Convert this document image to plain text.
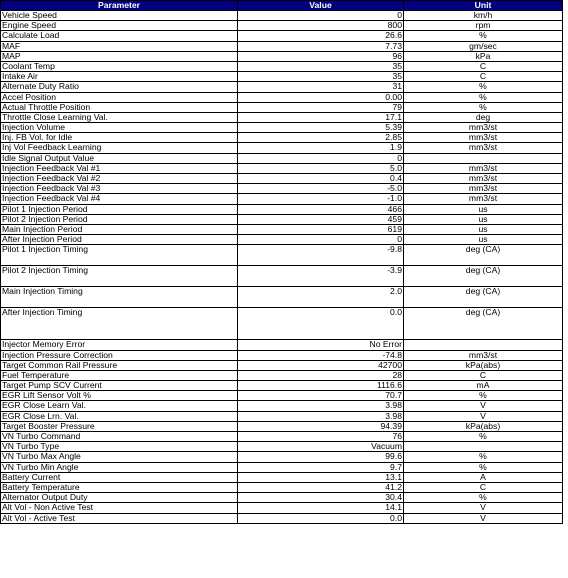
Parameter	Value	Unit
Vehicle Speed	0	km/h
Engine Speed	800	rpm
Calculate Load	26.6	%
MAF	7.73	gm/sec
MAP	96	kPa
Coolant Temp	35	C
Intake Air	35	C
Alternate Duty Ratio	31	%
Accel Position	0.00	%
Actual Throttle Position	79	%
Throttle Close Learning Val.	17.1	deg
Injection Volume	5.39	mm3/st
Inj. FB Vol. for Idle	2.85	mm3/st
Inj Vol Feedback Learning	1.9	mm3/st
Idle Signal Output Value	0	
Injection Feedback Val #1	5.0	mm3/st
Injection Feedback Val #2	0.4	mm3/st
Injection Feedback Val #3	-5.0	mm3/st
Injection Feedback Val #4	-1.0	mm3/st
Pilot 1 Injection Period	466	us
Pilot 2 Injection Period	459	us
Main Injection Period	619	us
After Injection Period	0	us
Pilot 1 Injection Timing	-9.8	deg (CA)
Pilot 2 Injection Timing	-3.9	deg (CA)
Main Injection Timing	2.0	deg (CA)
After Injection Timing	0.0	deg (CA)
Injector Memory Error	No Error	
Injection Pressure Correction	-74.8	mm3/st
Target Common Rail Pressure	42700	kPa(abs)
Fuel Temperature	28	C
Target Pump SCV Current	1116.6	mA
EGR Lift Sensor Volt %	70.7	%
EGR Close Learn Val.	3.98	V
EGR Close Lrn. Val.	3.98	V
Target Booster Pressure	94.39	kPa(abs)
VN Turbo Command	76	%
VN Turbo Type	Vacuum	
VN Turbo Max Angle	99.6	%
VN Turbo Min Angle	9.7	%
Battery Current	13.1	A
Battery Temperature	41.2	C
Alternator Output Duty	30.4	%
Alt Vol - Non Active Test	14.1	V
Alt Vol - Active Test	0.0	V
